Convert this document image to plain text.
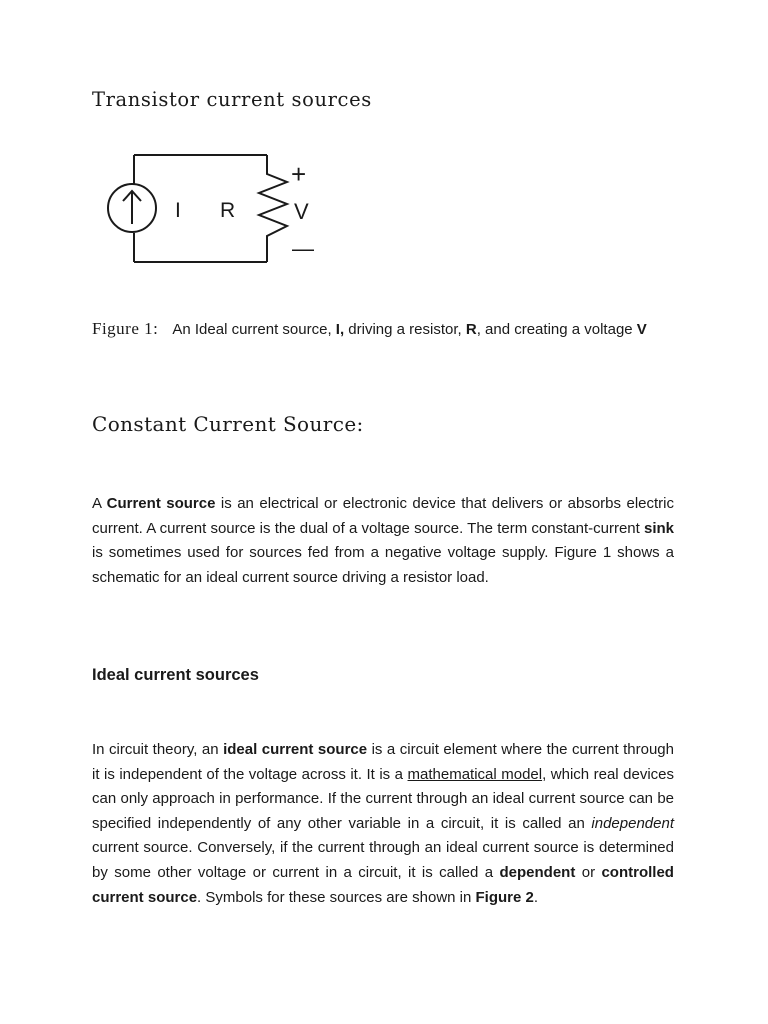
Transistor current sources
I R
+
V
—
Figure 1: An Ideal current source, I, driving a resistor, R, and creating a voltage V
Constant Current Source:

A Current source is an electrical or electronic device that delivers or absorbs electric current. A current source is the dual of a voltage source. The term constant-current sink is sometimes used for sources fed from a negative voltage supply. Figure 1 shows a schematic for an ideal current source driving a resistor load.

Ideal current sources

In circuit theory, an ideal current source is a circuit element where the current through it is independent of the voltage across it. It is a mathematical model, which real devices can only approach in performance. If the current through an ideal current source can be specified independently of any other variable in a circuit, it is called an independent current source. Conversely, if the current through an ideal current source is determined by some other voltage or current in a circuit, it is called a dependent or controlled current source. Symbols for these sources are shown in Figure 2.
